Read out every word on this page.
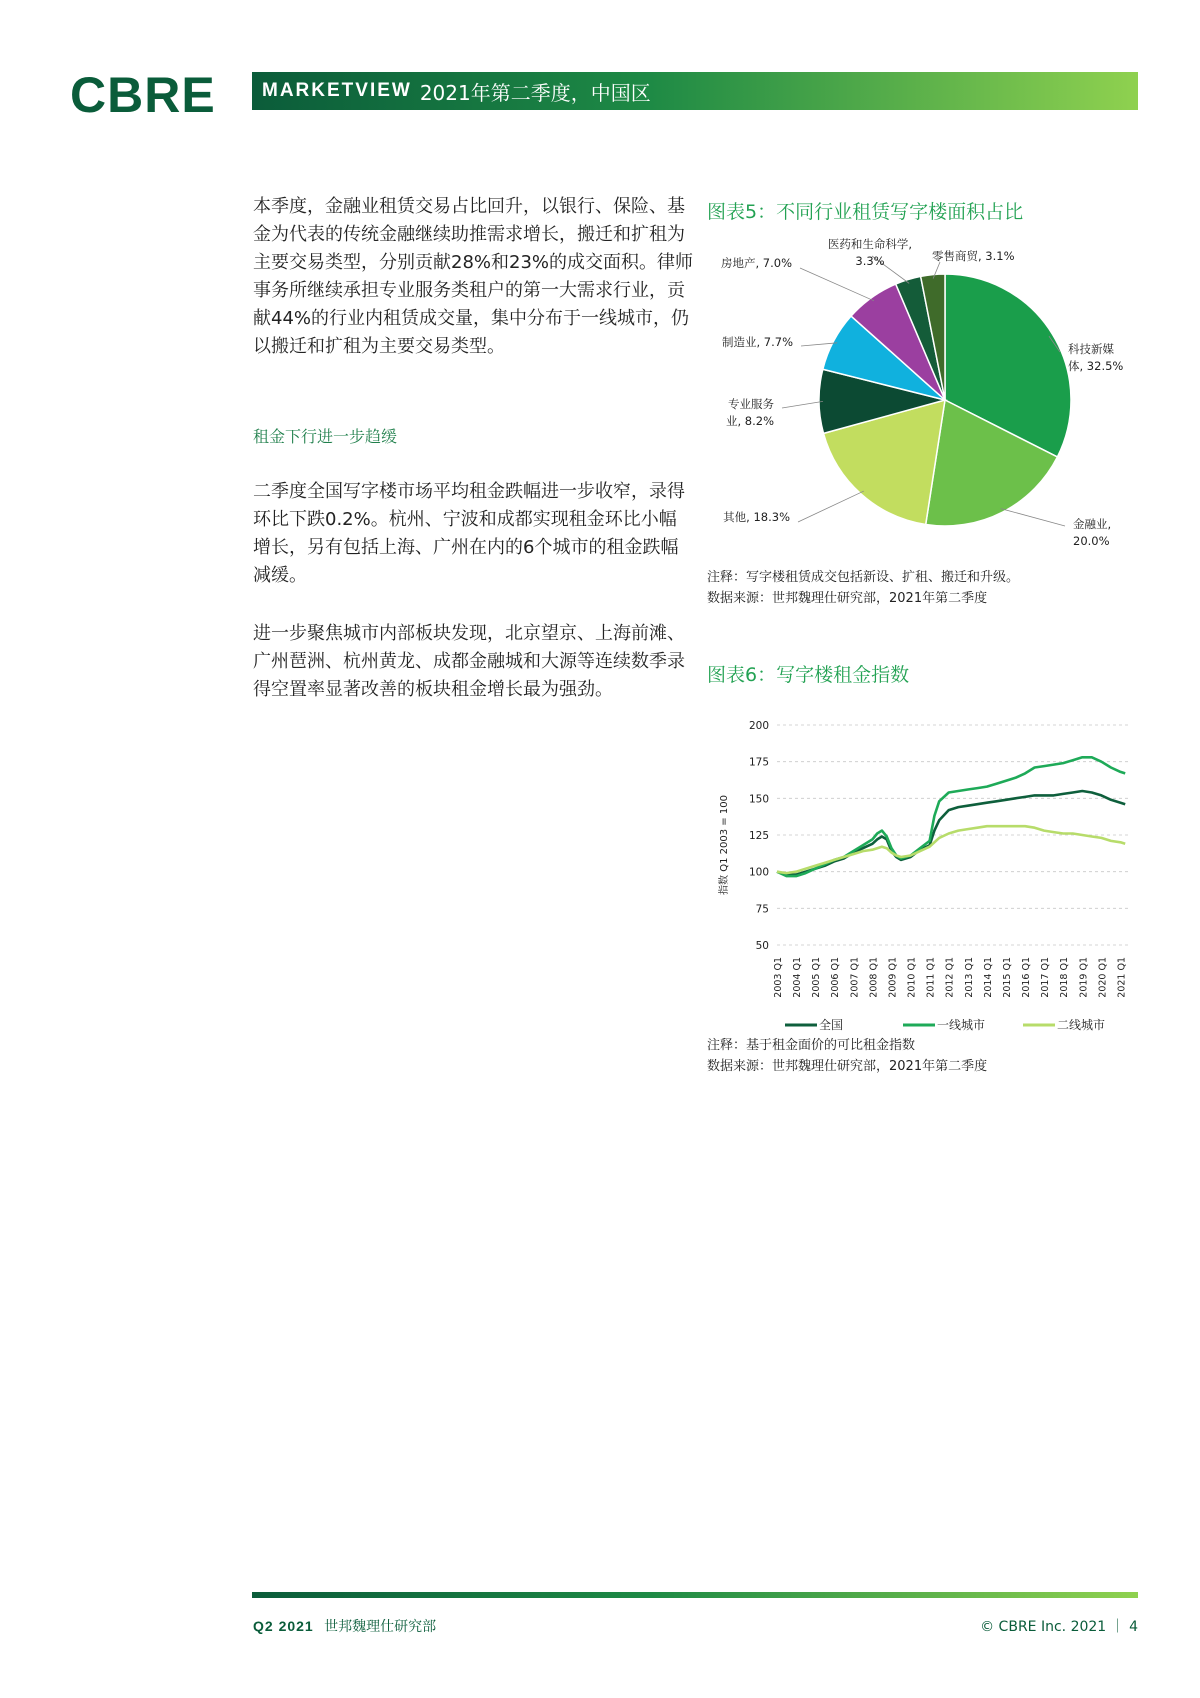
CBRE MARKETVIEW 2021年第二季度，中国区
本季度，金融业租赁交易占比回升，以银行、保险、基金为代表的传统金融继续助推需求增长，搬迁和扩租为主要交易类型，分别贡献28%和23%的成交面积。律师事务所继续承担专业服务类租户的第一大需求行业，贡献44%的行业内租赁成交量，集中分布于一线城市，仍以搬迁和扩租为主要交易类型。
租金下行进一步趋缓
二季度全国写字楼市场平均租金跌幅进一步收窄，录得环比下跌0.2%。杭州、宁波和成都实现租金环比小幅增长，另有包括上海、广州在内的6个城市的租金跌幅减缓。
进一步聚焦城市内部板块发现，北京望京、上海前滩、广州琶洲、杭州黄龙、成都金融城和大源等连续数季录得空置率显著改善的板块租金增长最为强劲。
图表5：不同行业租赁写字楼面积占比
科技新媒体, 32.5%
金融业, 20.0%
其他, 18.3%
专业服务业, 8.2%
制造业, 7.7%
房地产, 7.0%
医药和生命科学, 3.3%	零售商贸, 3.1%
注释：写字楼租赁成交包括新设、扩租、搬迁和升级。
数据来源：世邦魏理仕研究部，2021年第二季度
图表6：写字楼租金指数
200
175
150
125
100
75
50
指数 Q1 2003 = 100
2003 Q1 2004 Q1 2005 Q1 2006 Q1 2007 Q1 2008 Q1 2009 Q1 2010 Q1 2011 Q1 2012 Q1 2013 Q1 2014 Q1 2015 Q1 2016 Q1 2017 Q1 2018 Q1 2019 Q1 2020 Q1 2021 Q1
全国	一线城市	二线城市
注释：基于租金面价的可比租金指数
数据来源：世邦魏理仕研究部，2021年第二季度
Q2 2021 世邦魏理仕研究部	© CBRE Inc. 2021 ｜ 4
